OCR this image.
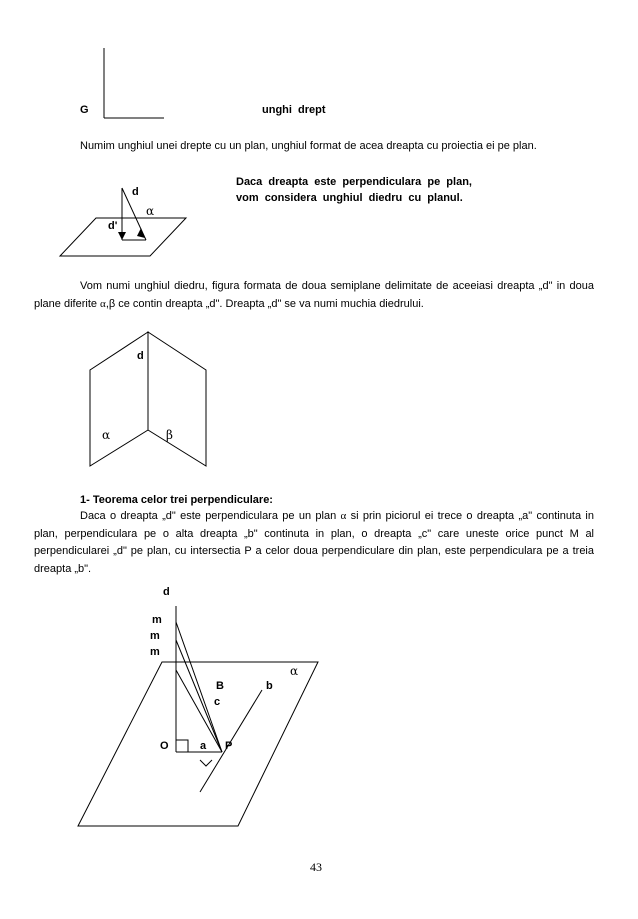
G	unghi  drept
Numim unghiul unei drepte cu un plan, unghiul format de acea dreapta cu proiectia ei pe plan.
d
d'
α
Daca  dreapta  este  perpendiculara  pe  plan,
vom  considera  unghiul  diedru  cu  planul.
Vom numi unghiul diedru, figura formata de doua semiplane delimitate de aceeiasi dreapta „d" in doua plane diferite α,β ce contin dreapta „d". Dreapta „d" se va numi muchia diedrului.
d
α	β
1- Teorema celor trei perpendiculare:
Daca o dreapta „d" este perpendiculara pe un plan α si prin piciorul ei trece o dreapta „a" continuta in plan, perpendiculara pe o alta dreapta „b" continuta in plan, o dreapta „c" care uneste orice punct M al perpendicularei „d" pe plan, cu intersectia P a celor doua perpendiculare din plan, este perpendiculara pe a treia dreapta „b".
d
m
m
m
α
B	b
c
O	a P
43
